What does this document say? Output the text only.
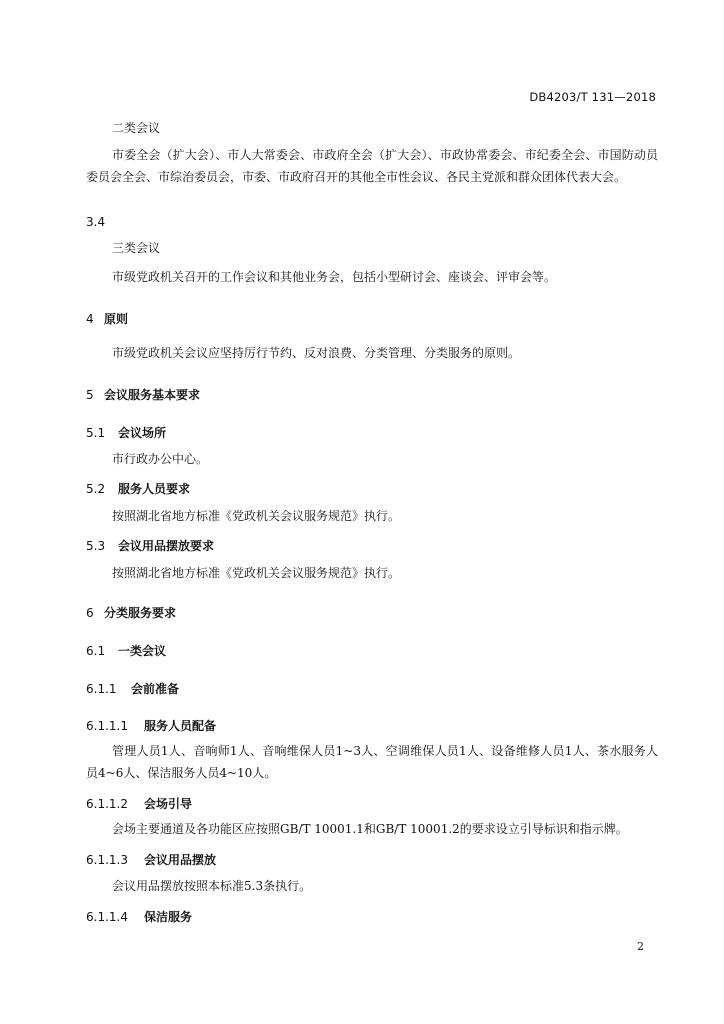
DB4203/T 131—2018
二类会议
市委全会（扩大会）、市人大常委会、市政府全会（扩大会）、市政协常委会、市纪委全会、市国防动员委员会全会、市综治委员会，市委、市政府召开的其他全市性会议、各民主党派和群众团体代表大会。
3.4
三类会议
市级党政机关召开的工作会议和其他业务会，包括小型研讨会、座谈会、评审会等。
4 原则
市级党政机关会议应坚持厉行节约、反对浪费、分类管理、分类服务的原则。
5 会议服务基本要求
5.1 会议场所
市行政办公中心。
5.2 服务人员要求
按照湖北省地方标准《党政机关会议服务规范》执行。
5.3 会议用品摆放要求
按照湖北省地方标准《党政机关会议服务规范》执行。
6 分类服务要求
6.1 一类会议
6.1.1 会前准备
6.1.1.1 服务人员配备
管理人员1人、音响师1人、音响维保人员1~3人、空调维保人员1人、设备维修人员1人、茶水服务人员4~6人、保洁服务人员4~10人。
6.1.1.2 会场引导
会场主要通道及各功能区应按照GB/T 10001.1和GB/T 10001.2的要求设立引导标识和指示牌。
6.1.1.3 会议用品摆放
会议用品摆放按照本标准5.3条执行。
6.1.1.4 保洁服务
2
